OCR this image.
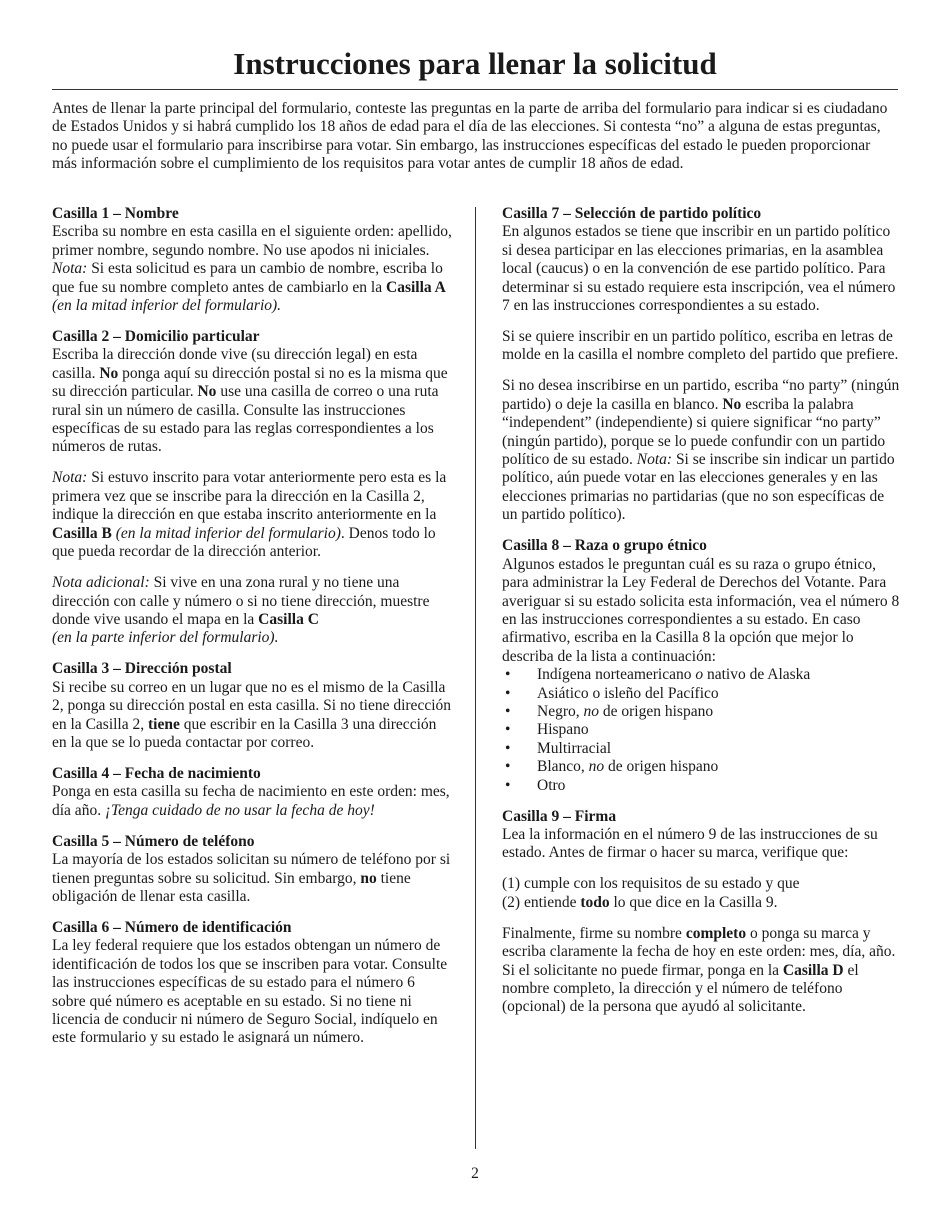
Instrucciones para llenar la solicitud

Antes de llenar la parte principal del formulario, conteste las preguntas en la parte de arriba del formulario para indicar si es ciudadano de Estados Unidos y si habrá cumplido los 18 años de edad para el día de las elecciones. Si contesta “no” a alguna de estas preguntas, no puede usar el formulario para inscribirse para votar. Sin embargo, las instrucciones específicas del estado le pueden proporcionar más información sobre el cumplimiento de los requisitos para votar antes de cumplir 18 años de edad.

Casilla 1 – Nombre
Escriba su nombre en esta casilla en el siguiente orden: apellido, primer nombre, segundo nombre. No use apodos ni iniciales.
Nota: Si esta solicitud es para un cambio de nombre, escriba lo que fue su nombre completo antes de cambiarlo en la Casilla A (en la mitad inferior del formulario).
Casilla 2 – Domicilio particular

Escriba la dirección donde vive (su dirección legal) en esta casilla. No ponga aquí su dirección postal si no es la misma que su dirección particular. No use una casilla de correo o una ruta rural sin un número de casilla. Consulte las instrucciones específicas de su estado para las reglas correspondientes a los números de rutas.

Nota: Si estuvo inscrito para votar anteriormente pero esta es la primera vez que se inscribe para la dirección en la Casilla 2, indique la dirección en que estaba inscrito anteriormente en la Casilla B (en la mitad inferior del formulario). Denos todo lo que pueda recordar de la dirección anterior.

Nota adicional: Si vive en una zona rural y no tiene una dirección con calle y número o si no tiene dirección, muestre donde vive usando el mapa en la Casilla C
(en la parte inferior del formulario).

Casilla 3 – Dirección postal
Si recibe su correo en un lugar que no es el mismo de la Casilla 2, ponga su dirección postal en esta casilla. Si no tiene dirección en la Casilla 2, tiene que escribir en la Casilla 3 una dirección en la que se lo pueda contactar por correo.
Casilla 4 – Fecha de nacimiento
Ponga en esta casilla su fecha de nacimiento en este orden: mes, día año. ¡Tenga cuidado de no usar la fecha de hoy!
Casilla 5 – Número de teléfono
La mayoría de los estados solicitan su número de teléfono por si tienen preguntas sobre su solicitud. Sin embargo, no tiene obligación de llenar esta casilla.
Casilla 6 – Número de identificación
La ley federal requiere que los estados obtengan un número de identificación de todos los que se inscriben para votar. Consulte las instrucciones específicas de su estado para el número 6 sobre qué número es aceptable en su estado. Si no tiene ni licencia de conducir ni número de Seguro Social, indíquelo en este formulario y su estado le asignará un número.
Casilla 7 – Selección de partido político

En algunos estados se tiene que inscribir en un partido político si desea participar en las elecciones primarias, en la asamblea local (caucus) o en la convención de ese partido político. Para determinar si su estado requiere esta inscripción, vea el número 7 en las instrucciones correspondientes a su estado.

Si se quiere inscribir en un partido político, escriba en letras de molde en la casilla el nombre completo del partido que prefiere.

Si no desea inscribirse en un partido, escriba “no party” (ningún partido) o deje la casilla en blanco. No escriba la palabra “independent” (independiente) si quiere significar “no party” (ningún partido), porque se lo puede confundir con un partido político de su estado. Nota: Si se inscribe sin indicar un partido político, aún puede votar en las elecciones generales y en las elecciones primarias no partidarias (que no son específicas de un partido político).

Casilla 8 – Raza o grupo étnico
Algunos estados le preguntan cuál es su raza o grupo étnico, para administrar la Ley Federal de Derechos del Votante. Para averiguar si su estado solicita esta información, vea el número 8 en las instrucciones correspondientes a su estado. En caso afirmativo, escriba en la Casilla 8 la opción que mejor lo describa de la lista a continuación:
• Indígena norteamericano o nativo de Alaska
• Asiático o isleño del Pacífico
• Negro, no de origen hispano
• Hispano
• Multirracial
• Blanco, no de origen hispano
• Otro
Casilla 9 – Firma

Lea la información en el número 9 de las instrucciones de su estado. Antes de firmar o hacer su marca, verifique que:

(1) cumple con los requisitos de su estado y que
(2) entiende todo lo que dice en la Casilla 9.

Finalmente, firme su nombre completo o ponga su marca y escriba claramente la fecha de hoy en este orden: mes, día, año. Si el solicitante no puede firmar, ponga en la Casilla D el nombre completo, la dirección y el número de teléfono (opcional) de la persona que ayudó al solicitante.

2
